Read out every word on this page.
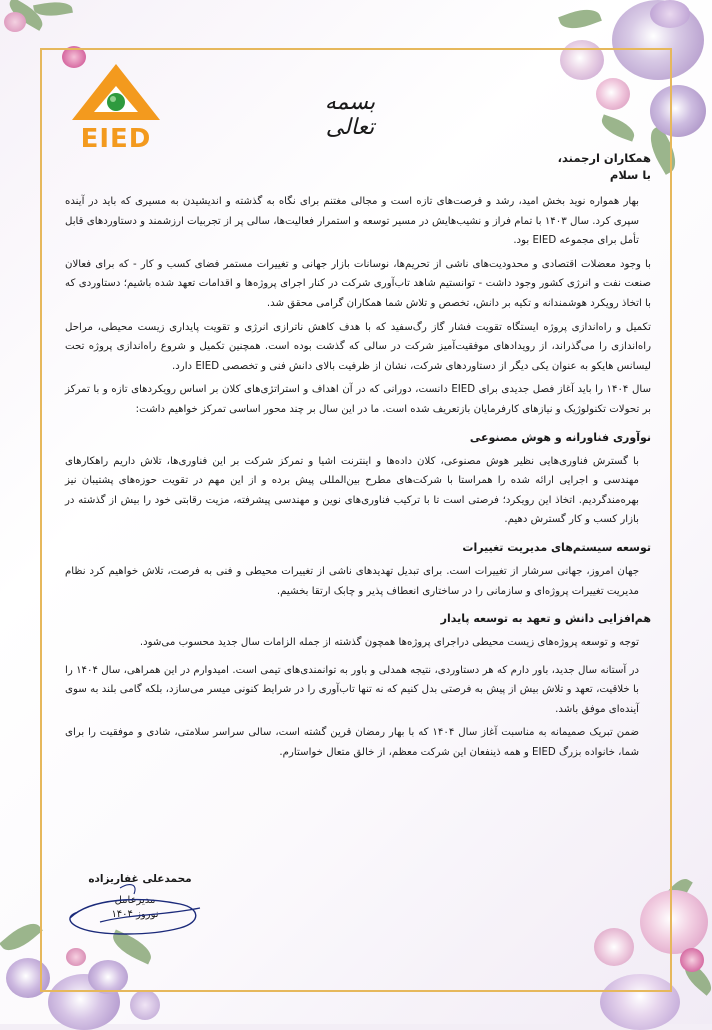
EIED
بسمه تعالی
همکاران ارجمند،
با سلام
بهار همواره نوید بخش امید، رشد و فرصت‌های تازه است و مجالی مغتنم برای نگاه به گذشته و اندیشیدن به مسیری که باید در آینده سپری کرد. سال ۱۴۰۳ با تمام فراز و نشیب‌هایش در مسیر توسعه و استمرار فعالیت‌ها، سالی پر از تجربیات ارزشمند و دستاوردهای قابل تأمل برای مجموعه EIED بود.
با وجود معضلات اقتصادی و محدودیت‌های ناشی از تحریم‌ها، نوسانات بازار جهانی و تغییرات مستمر فضای کسب و کار - که برای فعالان صنعت نفت و انرژی کشور وجود داشت - توانستیم شاهد تاب‌آوری شرکت در کنار اجرای پروژه‌ها و اقدامات تعهد شده باشیم؛ دستاوردی که با اتخاذ رویکرد هوشمندانه و تکیه بر دانش، تخصص و تلاش شما همکاران گرامی محقق شد.
تکمیل و راه‌اندازی پروژه ایستگاه تقویت فشار گاز رگ‌سفید که با هدف کاهش ناترازی انرژی و تقویت پایداری زیست محیطی، مراحل راه‌اندازی را می‌گذراند، از رویدادهای موفقیت‌آمیز شرکت در سالی که گذشت بوده است. همچنین تکمیل و شروع راه‌اندازی پروژه تحت لیسانس هایکو به عنوان یکی دیگر از دستاوردهای شرکت، نشان از ظرفیت بالای دانش فنی و تخصصی EIED دارد.
سال ۱۴۰۴ را باید آغاز فصل جدیدی برای EIED دانست، دورانی که در آن اهداف و استراتژی‌های کلان بر اساس رویکردهای تازه و با تمرکز بر تحولات تکنولوژیک و نیازهای کارفرمایان بازتعریف شده است. ما در این سال بر چند محور اساسی تمرکز خواهیم داشت:
نوآوری فناورانه و هوش مصنوعی
با گسترش فناوری‌هایی نظیر هوش مصنوعی، کلان داده‌ها و اینترنت اشیا و تمرکز شرکت بر این فناوری‌ها، تلاش داریم راهکارهای مهندسی و اجرایی ارائه شده را همراستا با شرکت‌های مطرح بین‌المللی پیش برده و از این مهم در تقویت حوزه‌های پشتیبان نیز بهره‌مندگردیم. اتخاذ این رویکرد؛ فرصتی است تا با ترکیب فناوری‌های نوین و مهندسی پیشرفته، مزیت رقابتی خود را بیش از گذشته در بازار کسب و کار گسترش دهیم.
توسعه سیستم‌های مدیریت تغییرات
جهان امروز، جهانی سرشار از تغییرات است. برای تبدیل تهدیدهای ناشی از تغییرات محیطی و فنی به فرصت، تلاش خواهیم کرد نظام مدیریت تغییرات پروژه‌ای و سازمانی را در ساختاری انعطاف پذیر و چابک ارتقا بخشیم.
هم‌افزایی دانش و تعهد به توسعه پایدار
توجه و توسعه پروژه‌های زیست محیطی دراجرای پروژه‌ها همچون گذشته از جمله الزامات سال جدید محسوب می‌شود.
در آستانه سال جدید، باور دارم که هر دستاوردی، نتیجه همدلی و باور به توانمندی‌های تیمی است. امیدوارم در این همراهی، سال ۱۴۰۴ را با خلاقیت، تعهد و تلاش بیش از پیش به فرصتی بدل کنیم که نه تنها تاب‌آوری را در شرایط کنونی میسر می‌سازد، بلکه گامی بلند به سوی آینده‌ای موفق باشد.
ضمن تبریک صمیمانه به مناسبت آغاز سال ۱۴۰۴ که با بهار رمضان قرین گشته است، سالی سراسر سلامتی، شادی و موفقیت را برای شما، خانواده بزرگ EIED و همه ذینفعان این شرکت معظم، از خالق متعال خواستارم.
محمدعلی غفاریزاده
مدیرعامل
نوروز ۱۴۰۴
